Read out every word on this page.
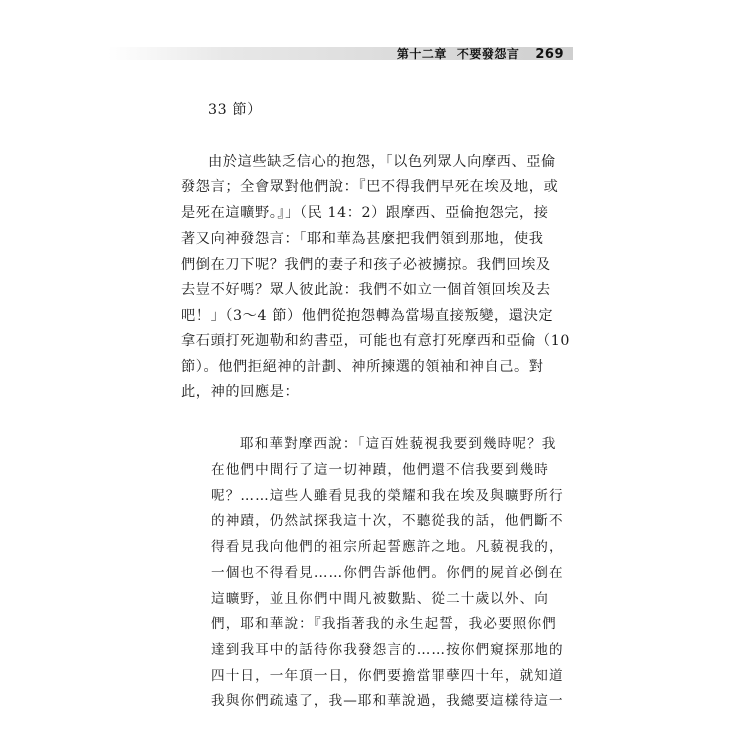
第十二章 不要發怨言 269
33 節）
由於這些缺乏信心的抱怨，「以色列眾人向摩西、亞倫
發怨言；全會眾對他們說：『巴不得我們早死在埃及地，或
是死在這曠野。』」（民 14：2）跟摩西、亞倫抱怨完，接
著又向神發怨言：「耶和華為甚麼把我們領到那地，使我
們倒在刀下呢？我們的妻子和孩子必被擄掠。我們回埃及
去豈不好嗎？眾人彼此說：我們不如立一個首領回埃及去
吧！」（3～4 節）他們從抱怨轉為當場直接叛變，還決定
拿石頭打死迦勒和約書亞，可能也有意打死摩西和亞倫（10
節）。他們拒絕神的計劃、神所揀選的領袖和神自己。對
此，神的回應是：
耶和華對摩西說：「這百姓藐視我要到幾時呢？我
在他們中間行了這一切神蹟，他們還不信我要到幾時
呢？……這些人雖看見我的榮耀和我在埃及與曠野所行
的神蹟，仍然試探我這十次，不聽從我的話，他們斷不
得看見我向他們的祖宗所起誓應許之地。凡藐視我的，
一個也不得看見……你們告訴他們。你們的屍首必倒在
這曠野，並且你們中間凡被數點、從二十歲以外、向
們，耶和華說：『我指著我的永生起誓，我必要照你們
達到我耳中的話待你我發怨言的……按你們窺探那地的
四十日，一年頂一日，你們要擔當罪孽四十年，就知道
我與你們疏遠了，我—耶和華說過，我總要這樣待這一
